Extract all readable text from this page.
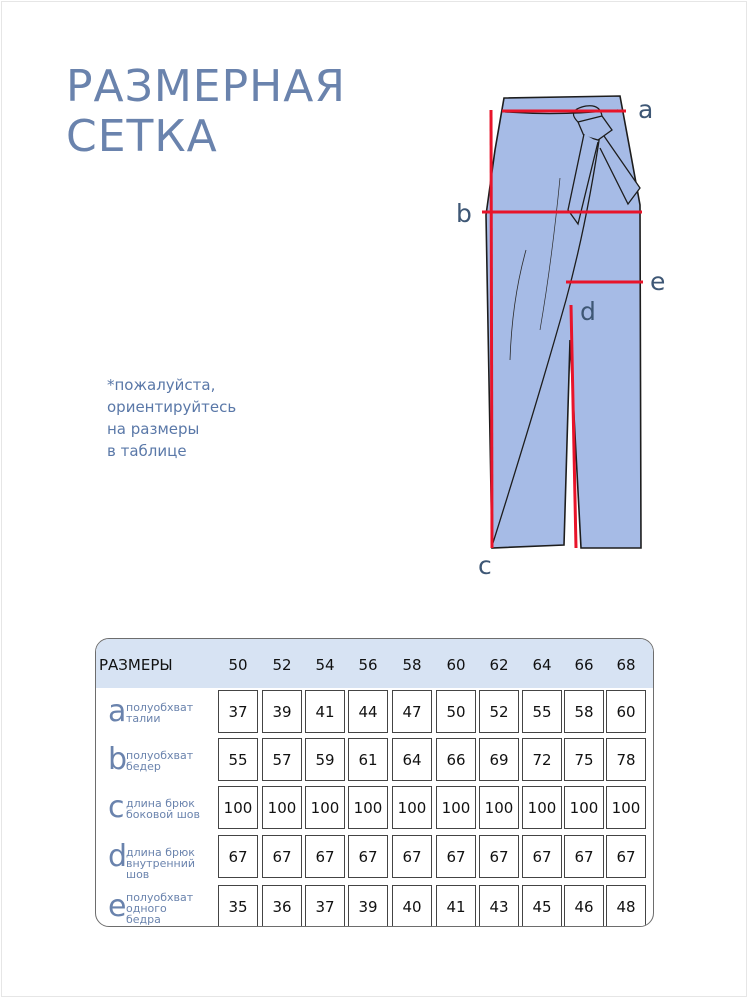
РАЗМЕРНАЯ
СЕТКА
*пожалуйста,
ориентируйтесь
на размеры
в таблице
a
b
c
d
e
РАЗМЕРЫ	50	52	54	56	58	60	62	64	66	68
a полуобхват
талии	37	39	41	44	47	50	52	55	58	60
b
полуобхват
бедер	55	57	59	61	64	66	69	72	75	78
c длина брюк
боковой шов	100	100 100 100	100	100 100 100 100 100
d
длина брюк
внутренний шов
67	67	67	67	67	67	67	67	67	67
e полуобхват
одного
бедра
35	36	37	39	40	41	43	45	46	48
